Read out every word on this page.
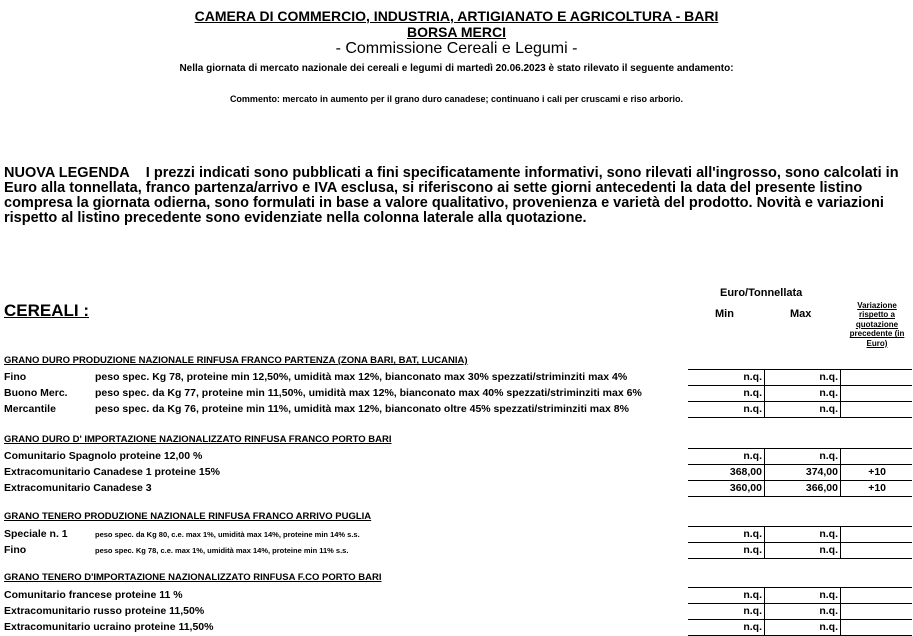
CAMERA DI COMMERCIO, INDUSTRIA, ARTIGIANATO E AGRICOLTURA - BARI
BORSA MERCI
- Commissione Cereali e Legumi -
Nella giornata di mercato nazionale dei cereali e legumi di martedì 20.06.2023 è stato rilevato il seguente andamento:
Commento: mercato in aumento per il grano duro canadese; continuano i cali per cruscami e riso arborio.
NUOVA LEGENDA I prezzi indicati sono pubblicati a fini specificatamente informativi, sono rilevati all'ingrosso, sono calcolati in Euro alla tonnellata, franco partenza/arrivo e IVA esclusa, si riferiscono ai sette giorni antecedenti la data del presente listino compresa la giornata odierna, sono formulati in base a valore qualitativo, provenienza e varietà del prodotto. Novità e variazioni rispetto al listino precedente sono evidenziate nella colonna laterale alla quotazione.
Euro/Tonnellata
CEREALI :	Min	Max
Variazione rispetto a quotazione precedente (in Euro)
GRANO DURO PRODUZIONE NAZIONALE RINFUSA FRANCO PARTENZA (ZONA BARI, BAT, LUCANIA)
Fino	peso spec. Kg 78, proteine min 12,50%, umidità max 12%, bianconato max 30% spezzati/striminziti max 4%	n.q.	n.q.
Buono Merc.	peso spec. da Kg 77, proteine min 11,50%, umidità max 12%, bianconato max 40% spezzati/striminziti max 6%	n.q.	n.q.
Mercantile	peso spec. da Kg 76, proteine min 11%, umidità max 12%, bianconato oltre 45% spezzati/striminziti max 8%	n.q.	n.q.
GRANO DURO D' IMPORTAZIONE NAZIONALIZZATO RINFUSA FRANCO PORTO BARI
Comunitario Spagnolo proteine 12,00 %	n.q.	n.q.
Extracomunitario Canadese 1 proteine 15%	368,00	374,00	+10
Extracomunitario Canadese 3	360,00	366,00	+10
GRANO TENERO PRODUZIONE NAZIONALE RINFUSA FRANCO ARRIVO PUGLIA
Speciale n. 1	peso spec. da Kg 80, c.e. max 1%, umidità max 14%, proteine min 14% s.s.	n.q.	n.q.
Fino	peso spec. Kg 78, c.e. max 1%, umidità max 14%, proteine min 11% s.s.	n.q.	n.q.
GRANO TENERO D'IMPORTAZIONE NAZIONALIZZATO RINFUSA F.CO PORTO BARI
Comunitario francese proteine 11 %	n.q.	n.q.
Extracomunitario russo proteine 11,50%	n.q.	n.q.
Extracomunitario ucraino proteine 11,50%	n.q.	n.q.
